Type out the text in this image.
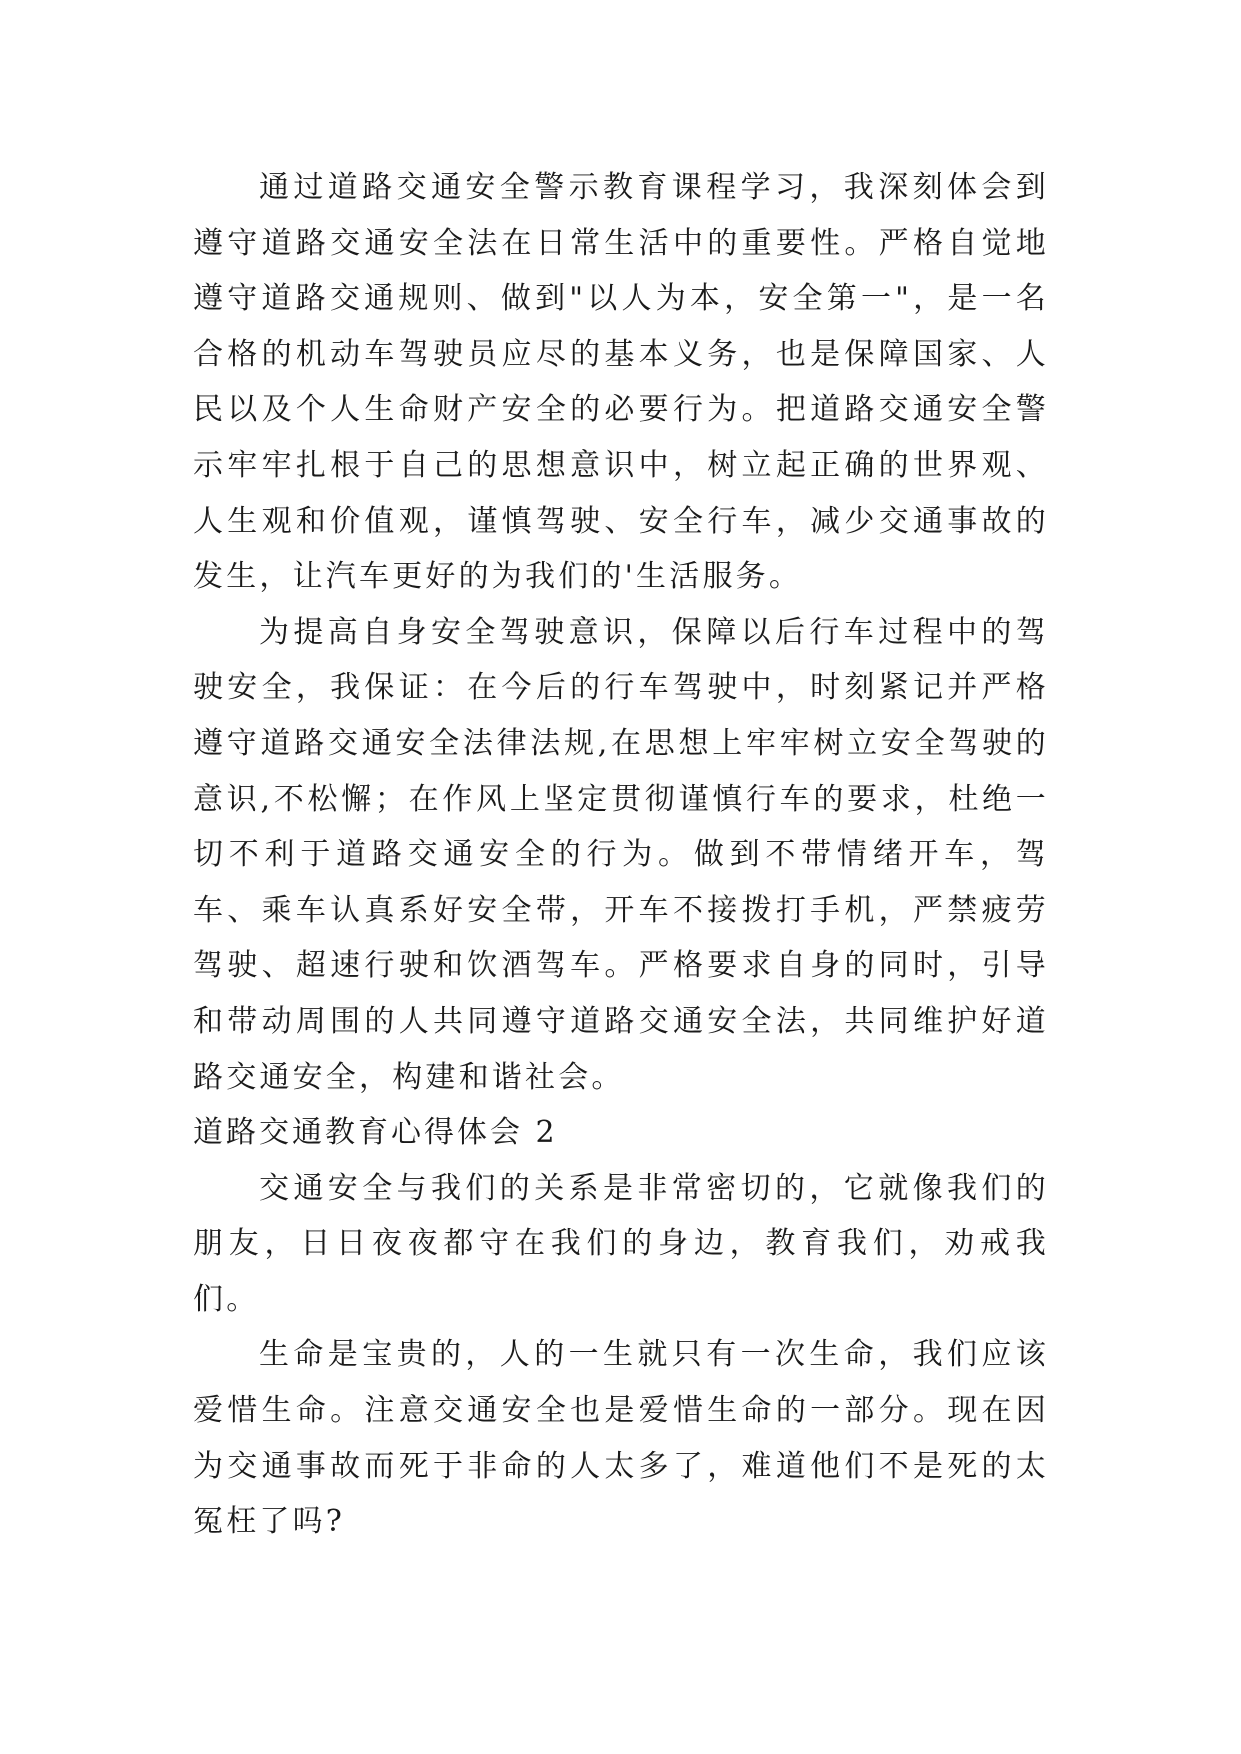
通过道路交通安全警示教育课程学习，我深刻体会到遵守道路交通安全法在日常生活中的重要性。严格自觉地遵守道路交通规则、做到"以人为本，安全第一"，是一名合格的机动车驾驶员应尽的基本义务，也是保障国家、人民以及个人生命财产安全的必要行为。把道路交通安全警示牢牢扎根于自己的思想意识中，树立起正确的世界观、人生观和价值观，谨慎驾驶、安全行车，减少交通事故的发生，让汽车更好的为我们的'生活服务。

为提高自身安全驾驶意识，保障以后行车过程中的驾驶安全，我保证：在今后的行车驾驶中，时刻紧记并严格遵守道路交通安全法律法规,在思想上牢牢树立安全驾驶的意识,不松懈；在作风上坚定贯彻谨慎行车的要求，杜绝一切不利于道路交通安全的行为。做到不带情绪开车，驾车、乘车认真系好安全带，开车不接拨打手机，严禁疲劳驾驶、超速行驶和饮酒驾车。严格要求自身的同时，引导和带动周围的人共同遵守道路交通安全法，共同维护好道路交通安全，构建和谐社会。

道路交通教育心得体会 2

交通安全与我们的关系是非常密切的，它就像我们的朋友，日日夜夜都守在我们的身边，教育我们，劝戒我们。

生命是宝贵的，人的一生就只有一次生命，我们应该爱惜生命。注意交通安全也是爱惜生命的一部分。现在因为交通事故而死于非命的人太多了，难道他们不是死的太冤枉了吗?
